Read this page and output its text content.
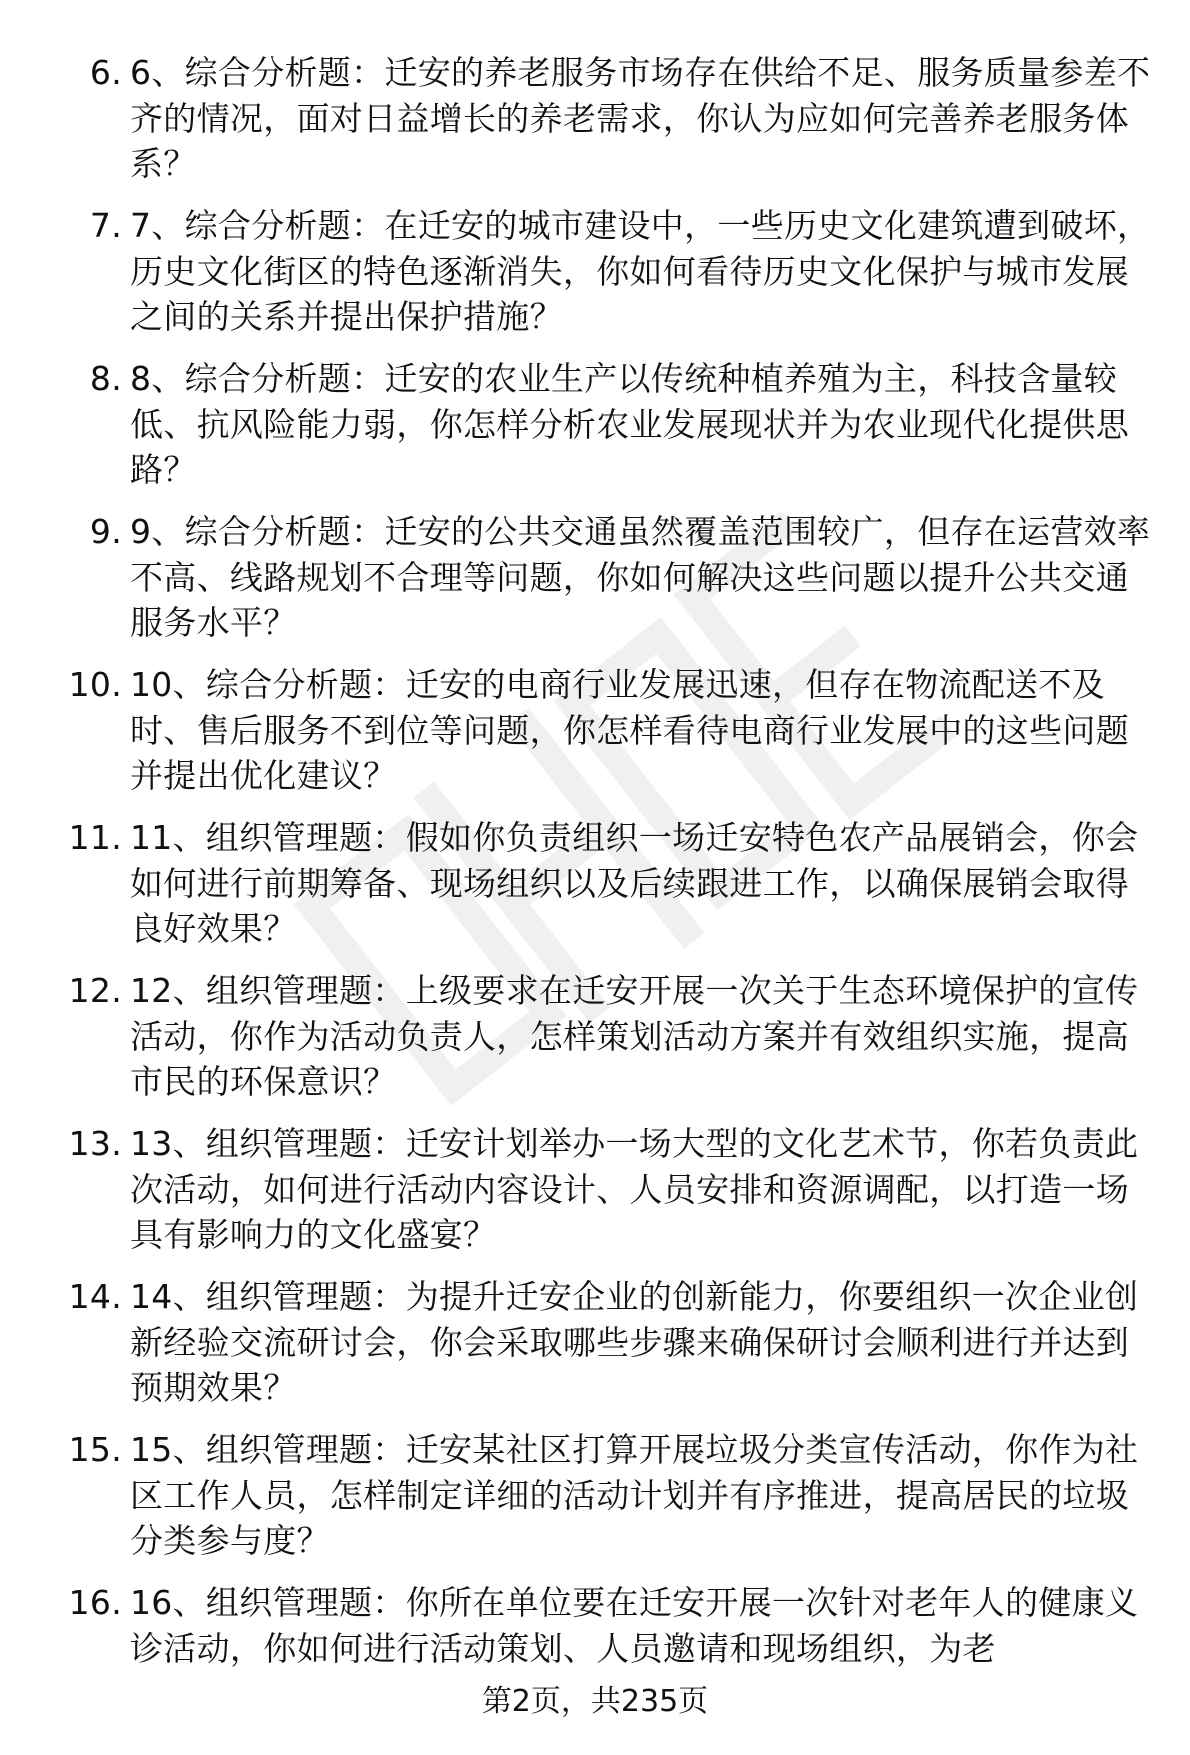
6. 6、综合分析题：迁安的养老服务市场存在供给不足、服务质量参差不齐的情况，面对日益增长的养老需求，你认为应如何完善养老服务体系？
7. 7、综合分析题：在迁安的城市建设中，一些历史文化建筑遭到破坏，历史文化街区的特色逐渐消失，你如何看待历史文化保护与城市发展之间的关系并提出保护措施？
8. 8、综合分析题：迁安的农业生产以传统种植养殖为主，科技含量较低、抗风险能力弱，你怎样分析农业发展现状并为农业现代化提供思路？
9. 9、综合分析题：迁安的公共交通虽然覆盖范围较广，但存在运营效率不高、线路规划不合理等问题，你如何解决这些问题以提升公共交通服务水平？
10. 10、综合分析题：迁安的电商行业发展迅速，但存在物流配送不及时、售后服务不到位等问题，你怎样看待电商行业发展中的这些问题并提出优化建议？
11. 11、组织管理题：假如你负责组织一场迁安特色农产品展销会，你会如何进行前期筹备、现场组织以及后续跟进工作，以确保展销会取得良好效果？
12. 12、组织管理题：上级要求在迁安开展一次关于生态环境保护的宣传活动，你作为活动负责人，怎样策划活动方案并有效组织实施，提高市民的环保意识？
13. 13、组织管理题：迁安计划举办一场大型的文化艺术节，你若负责此次活动，如何进行活动内容设计、人员安排和资源调配，以打造一场具有影响力的文化盛宴？
14. 14、组织管理题：为提升迁安企业的创新能力，你要组织一次企业创新经验交流研讨会，你会采取哪些步骤来确保研讨会顺利进行并达到预期效果？
15. 15、组织管理题：迁安某社区打算开展垃圾分类宣传活动，你作为社区工作人员，怎样制定详细的活动计划并有序推进，提高居民的垃圾分类参与度？
16. 16、组织管理题：你所在单位要在迁安开展一次针对老年人的健康义诊活动，你如何进行活动策划、人员邀请和现场组织，为老
第2页，共235页
